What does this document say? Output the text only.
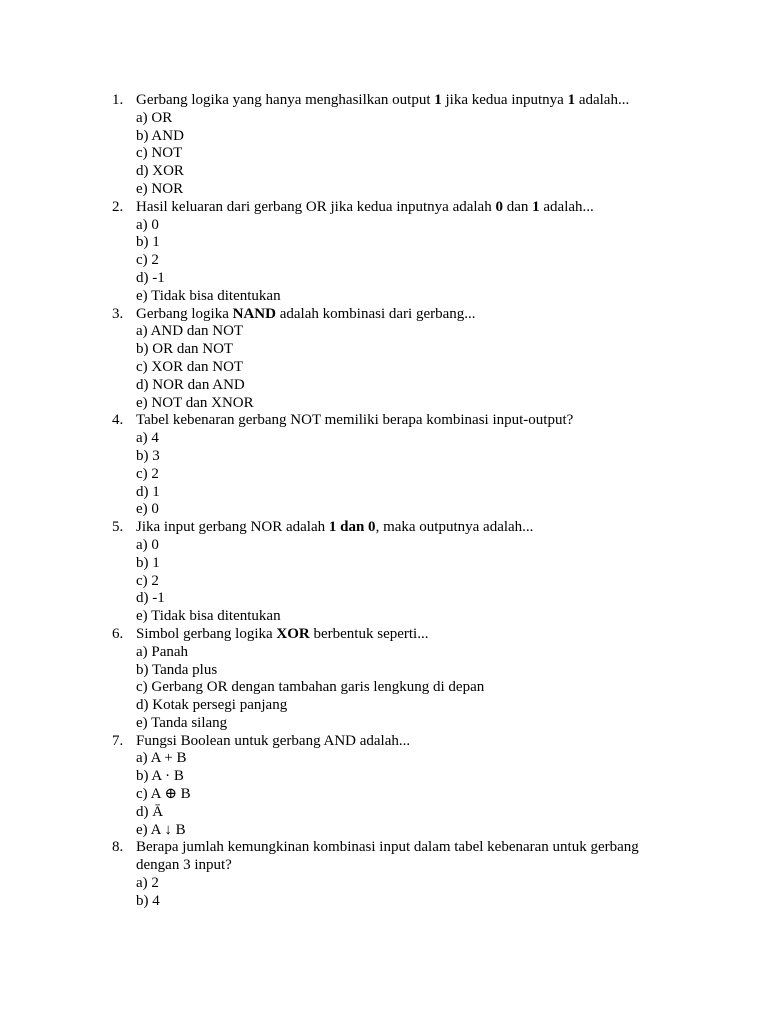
1. Gerbang logika yang hanya menghasilkan output 1 jika kedua inputnya 1 adalah...
a) OR
b) AND
c) NOT
d) XOR
e) NOR
2. Hasil keluaran dari gerbang OR jika kedua inputnya adalah 0 dan 1 adalah...
a) 0
b) 1
c) 2
d) -1
e) Tidak bisa ditentukan
3. Gerbang logika NAND adalah kombinasi dari gerbang...
a) AND dan NOT
b) OR dan NOT
c) XOR dan NOT
d) NOR dan AND
e) NOT dan XNOR
4. Tabel kebenaran gerbang NOT memiliki berapa kombinasi input-output?
a) 4
b) 3
c) 2
d) 1
e) 0
5. Jika input gerbang NOR adalah 1 dan 0, maka outputnya adalah...
a) 0
b) 1
c) 2
d) -1
e) Tidak bisa ditentukan
6. Simbol gerbang logika XOR berbentuk seperti...
a) Panah
b) Tanda plus
c) Gerbang OR dengan tambahan garis lengkung di depan
d) Kotak persegi panjang
e) Tanda silang
7. Fungsi Boolean untuk gerbang AND adalah...
a) A + B
b) A · B
c) A ⊕ B
d) Ā
e) A ↓ B
8. Berapa jumlah kemungkinan kombinasi input dalam tabel kebenaran untuk gerbang dengan 3 input?
a) 2
b) 4
